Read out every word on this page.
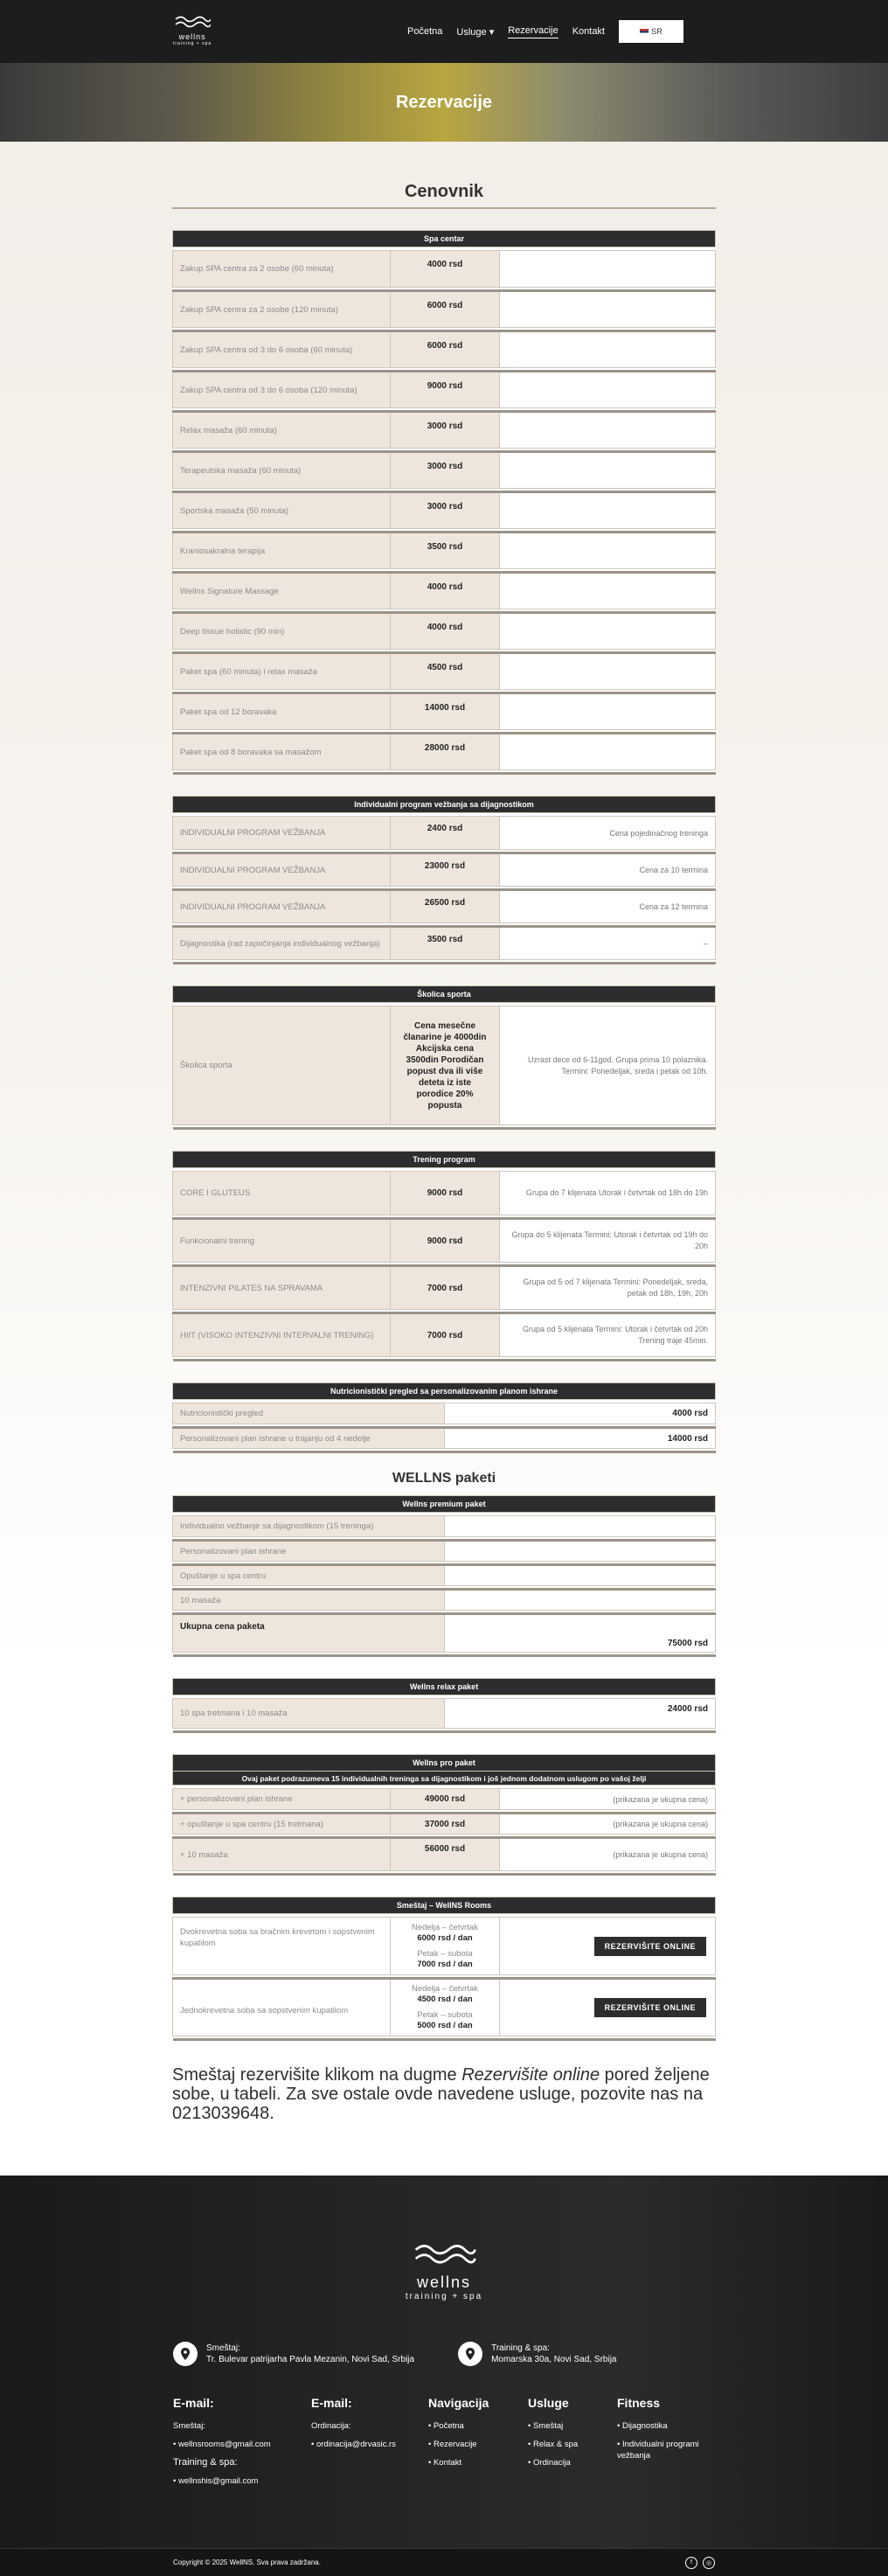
wellns
training + spa
Početna Usluge ▾ Rezervacije Kontakt	SR
Rezervacije
Cenovnik
Spa centar		

Zakup SPA centra za 2 osobe (60 minuta)	4000 rsd	

Zakup SPA centra za 2 osobe (120 minuta)	6000 rsd	

Zakup SPA centra od 3 do 6 osoba (60 minuta)	6000 rsd	

Zakup SPA centra od 3 do 6 osoba (120 minuta)	9000 rsd	

Relax masaža (60 minuta)	3000 rsd	

Terapeutska masaža (60 minuta)	3000 rsd	

Sportska masaža (50 minuta)	3000 rsd	

Kraniosakralna terapija	3500 rsd	

Wellns Signature Massage	4000 rsd	

Deep tissue holistic (90 min)	4000 rsd	

Paket spa (60 minuta) i relax masaža	4500 rsd	

Paket spa od 12 boravaka	14000 rsd	

Paket spa od 8 boravaka sa masažom	28000 rsd	

Individualni program vežbanja sa dijagnostikom		

INDIVIDUALNI PROGRAM VEŽBANJA	2400 rsd	Cena pojedinačnog treninga

INDIVIDUALNI PROGRAM VEŽBANJA	23000 rsd	Cena za 10 termina

INDIVIDUALNI PROGRAM VEŽBANJA	26500 rsd	Cena za 12 termina

Dijagnostika (rad započinjanja individualnog vežbanja)	3500 rsd	–

Školica sporta

Školica sporta	Cena mesečne članarine je 4000din Akcijska cena 3500din Porodičan popust dva ili više deteta iz iste porodice 20% popusta	Uzrast dece od 6-11god. Grupa prima 10 polaznika. Termini: Ponedeljak, sreda i petak od 10h.

Trening program		

CORE I GLUTEUS	9000 rsd	Grupa do 7 klijenata Utorak i četvrtak od 18h do 19h

Funkcionalni trening	9000 rsd	Grupa do 5 klijenata Termini: Utorak i četvrtak od 19h do 20h

INTENZIVNI PILATES NA SPRAVAMA	7000 rsd	Grupa od 5 od 7 klijenata Termini: Ponedeljak, sreda, petak od 18h, 19h, 20h

HIIT (VISOKO INTENZIVNI INTERVALNI TRENING)	7000 rsd	Grupa od 5 klijenata Termini: Utorak i četvrtak od 20h Trening traje 45min.

Nutricionistički pregled sa personalizovanim planom ishrane	

Nutricionistički pregled	4000 rsd

Personalizovani plan ishrane u trajanju od 4 nedelje	14000 rsd

WELLNS paketi
Wellns premium paket	

Individualno vežbanje sa dijagnostikom (15 treninga)	

Personalizovani plan ishrane	

Opuštanje u spa centru	

10 masaža	

Ukupna cena paketa	75000 rsd

Wellns relax paket

10 spa tretmana i 10 masaža	24000 rsd

Wellns pro paket		
Ovaj paket podrazumeva 15 individualnih treninga sa dijagnostikom i još jednom dodatnom uslugom po vašoj želji		

+ personalizovani plan ishrane	49000 rsd	(prikazana je ukupna cena)

+ opuštanje u spa centru (15 tretmana)	37000 rsd	(prikazana je ukupna cena)

+ 10 masaža	56000 rsd	(prikazana je ukupna cena)

Smeštaj – WellNS Rooms		

Dvokrevetna soba sa bračnim krevetom i sopstvenim kupatilom	Nedelja – četvrtak
6000 rsd / dan
Petak – subota
7000 rsd / dan	REZERVIŠITE ONLINE

Jednokrevetna soba sa sopstvenim kupatilom	Nedelja – četvrtak
4500 rsd / dan
Petak – subota
5000 rsd / dan	REZERVIŠITE ONLINE

Smeštaj rezervišite klikom na dugme Rezervišite online pored željene sobe, u tabeli. Za sve ostale ovde navedene usluge, pozovite nas na 0213039648.

wellns
training + spa
Smeštaj:
Tr. Bulevar patrijarha Pavla Mezanin, Novi Sad, Srbija
Training & spa:
Momarska 30a, Novi Sad, Srbija
E-mail:

Smeštaj:

• wellnsrooms@gmail.com

Training & spa:

• wellnshis@gmail.com

E-mail:

Ordinacija:

• ordinacija@drvasic.rs

Navigacija

• Početna

• Rezervacije

• Kontakt

Usluge

• Smeštaj

• Relax & spa

• Ordinacija

Fitness

• Dijagnostika

• Individualni programi vežbanja

Copyright © 2025 WellNS. Sva prava zadržana.	f	◎
